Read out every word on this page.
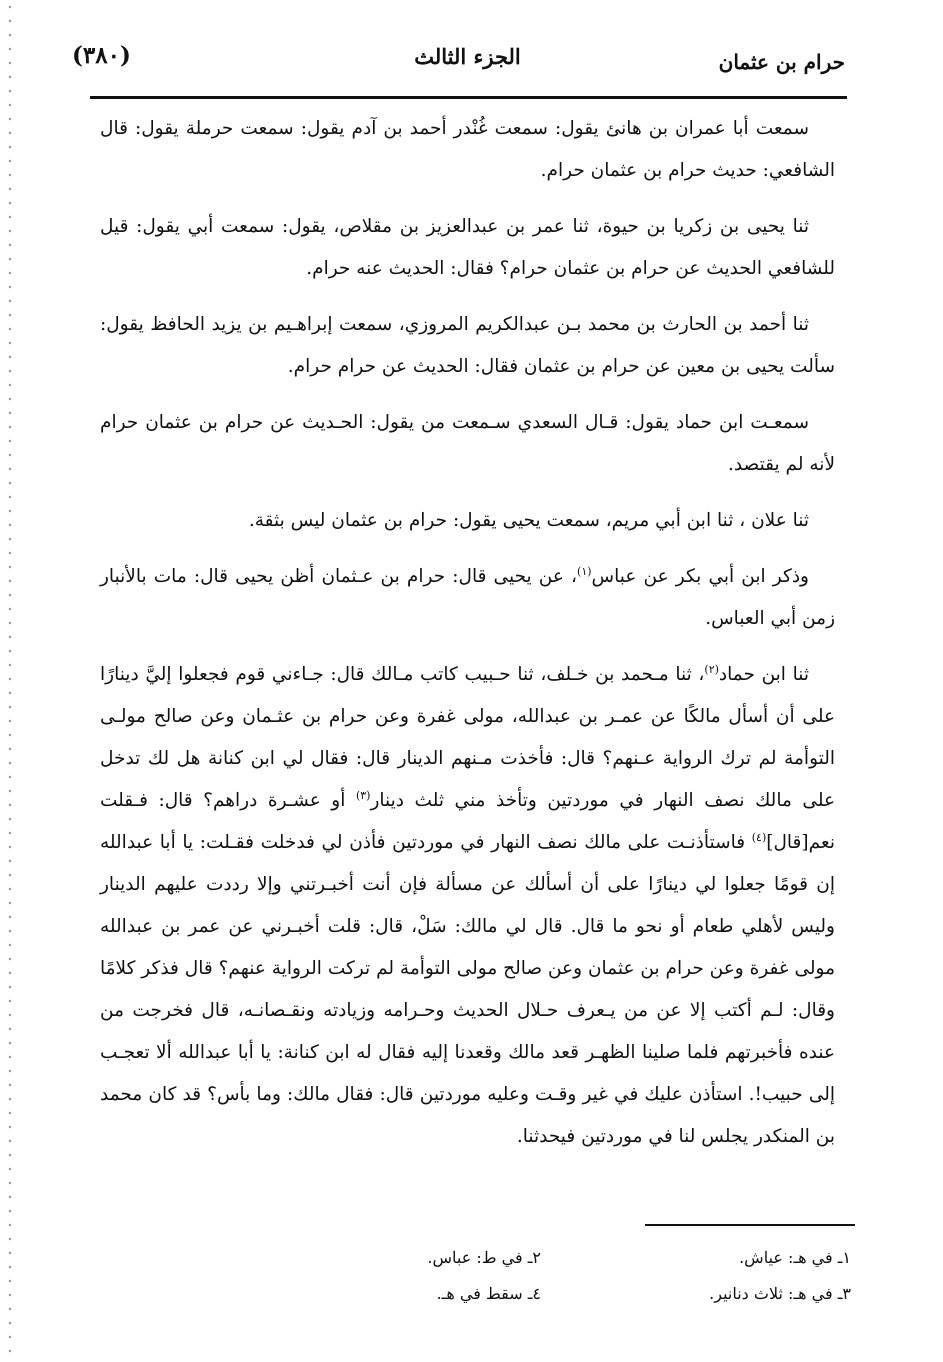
حرام بن عثمان
الجزء الثالث
(٣٨٠)

سمعت أبا عمران بن هانئ يقول: سمعت غُنْدر أحمد بن آدم يقول: سمعت حرملة يقول: قال الشافعي: حديث حرام بن عثمان حرام.

ثنا يحيى بن زكريا بن حيوة، ثنا عمر بن عبدالعزيز بن مقلاص، يقول: سمعت أبي يقول: قيل للشافعي الحديث عن حرام بن عثمان حرام؟ فقال: الحديث عنه حرام.

ثنا أحمد بن الحارث بن محمد بـن عبدالكريم المروزي، سمعت إبراهـيم بن يزيد الحافظ يقول: سألت يحيى بن معين عن حرام بن عثمان فقال: الحديث عن حرام حرام.

سمعـت ابن حماد يقول: قـال السعدي سـمعت من يقول: الحـديث عن حرام بن عثمان حرام لأنه لم يقتصد.

ثنا علان ، ثنا ابن أبي مريم، سمعت يحيى يقول: حرام بن عثمان ليس بثقة.

وذكر ابن أبي بكر عن عباس$^{(١)}$، عن يحيى قال: حرام بن عـثمان أظن يحيى قال: مات بالأنبار زمن أبي العباس.

ثنا ابن حماد$^{(٢)}$، ثنا مـحمد بن خـلف، ثنا حـبيب كاتب مـالك قال: جـاءني قوم فجعلوا إليَّ دينارًا على أن أسأل مالكًا عن عمـر بن عبدالله، مولى غفرة وعن حرام بن عثـمان وعن صالح مولـى التوأمة لم ترك الرواية عـنهم؟ قال: فأخذت مـنهم الدينار قال: فقال لي ابن كنانة هل لك تدخل على مالك نصف النهار في موردتين وتأخذ مني ثلث دينار$^{(٣)}$ أو عشـرة دراهم؟ قال: فـقلت نعم[قال]$^{(٤)}$ فاستأذنـت على مالك نصف النهار في موردتين فأذن لي فدخلت فقـلت: يا أبا عبدالله إن قومًا جعلوا لي دينارًا على أن أسألك عن مسألة فإن أنت أخبـرتني وإلا رددت عليهم الدينار وليس لأهلي طعام أو نحو ما قال. قال لي مالك: سَلْ، قال: قلت أخبـرني عن عمر بن عبدالله مولى غفرة وعن حرام بن عثمان وعن صالح مولى التوأمة لم تركت الرواية عنهم؟ قال فذكر كلامًا وقال: لـم أكتب إلا عن من يـعرف حـلال الحديث وحـرامه وزيادته ونقـصانـه، قال فخرجت من عنده فأخبرتهم فلما صلينا الظهـر قعد مالك وقعدنا إليه فقال له ابن كنانة: يا أبا عبدالله ألا تعجـب إلى حبيب!. استأذن عليك في غير وقـت وعليه موردتين قال: فقال مالك: وما بأس؟ قد كان محمد بن المنكدر يجلس لنا في موردتين فيحدثنا.

١ـ في هـ: عياش.
٢ـ في ط: عباس.
٣ـ في هـ: ثلاث دنانير.
٤ـ سقط في هـ.
